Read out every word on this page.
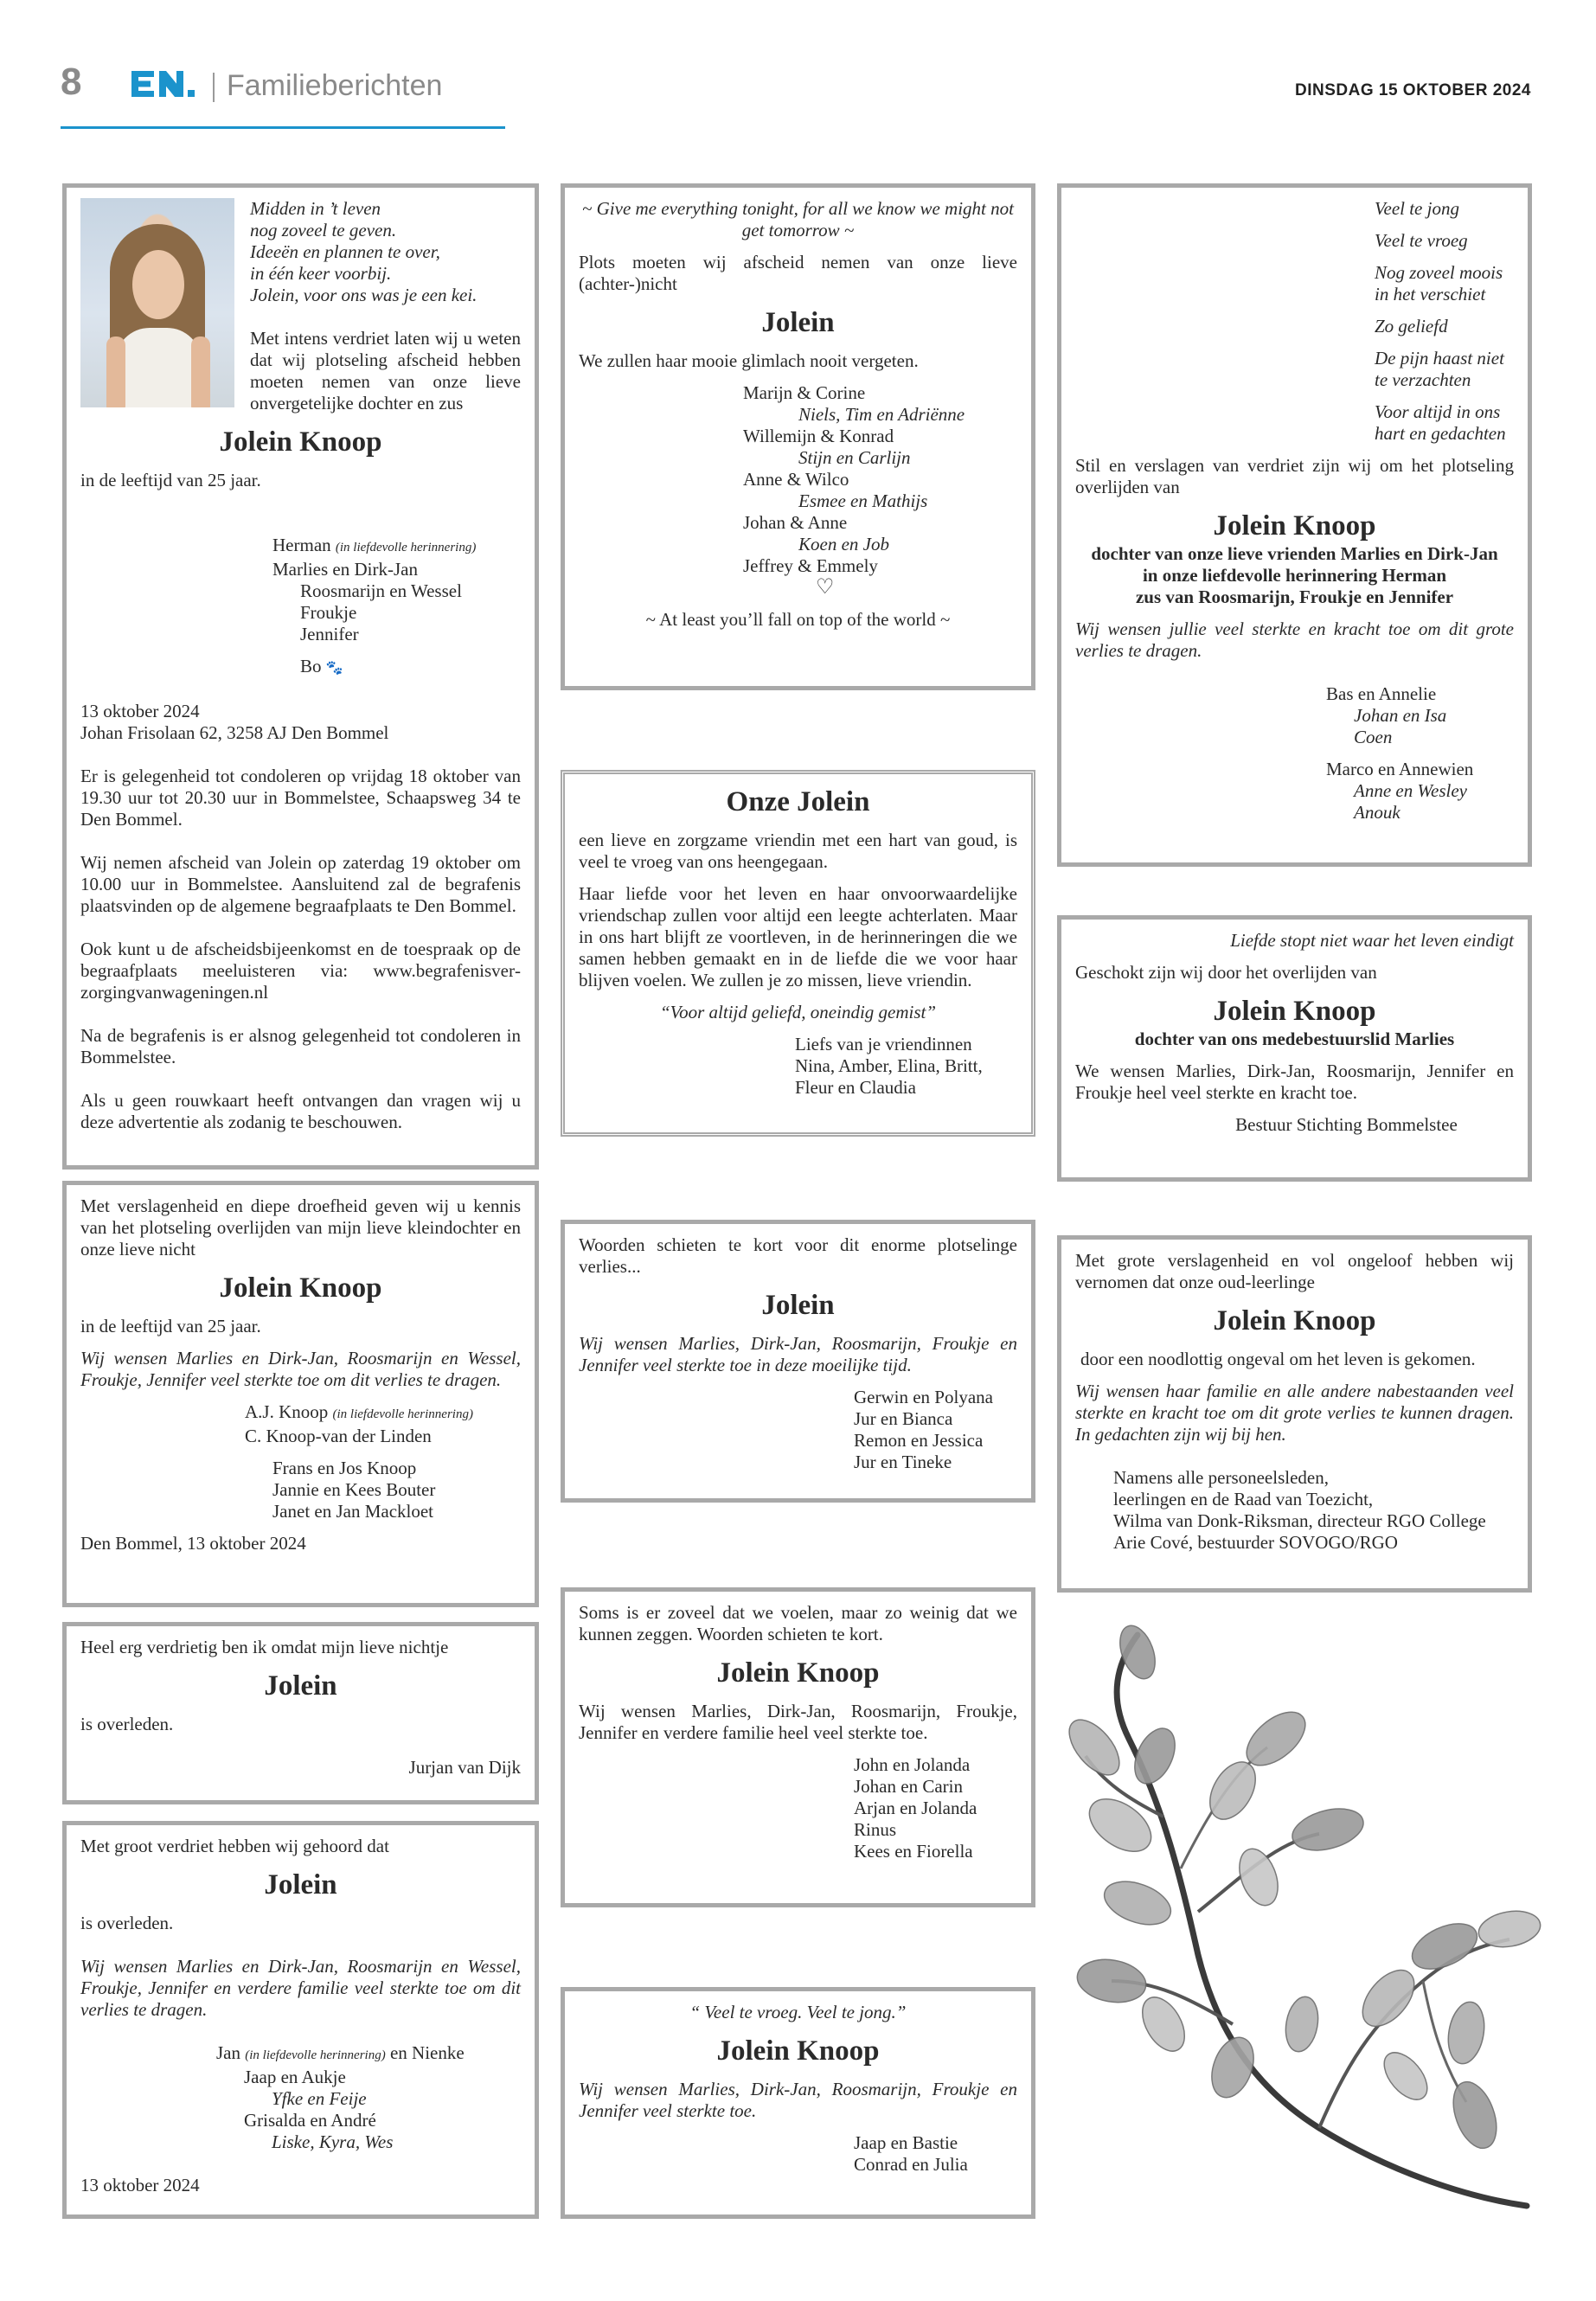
8	Familieberichten	DINSDAG 15 OKTOBER 2024

Midden in ’t leven

nog zoveel te geven.

Ideeën en plannen te over,

in één keer voorbij.

Jolein, voor ons was je een kei.

Met intens verdriet laten wij u weten dat wij plotseling afscheid hebben moeten nemen van onze lieve onvergetelijke dochter en zus

Jolein Knoop

in de leeftijd van 25 jaar.

Herman (in liefdevolle herinnering)

Marlies en Dirk-Jan

Roosmarijn en Wessel

Froukje

Jennifer

Bo 🐾

13 oktober 2024

Johan Frisolaan 62, 3258 AJ Den Bommel

Er is gelegenheid tot condoleren op vrijdag 18 oktober van 19.30 uur tot 20.30 uur in Bommelstee, Schaapsweg 34 te Den Bommel.

Wij nemen afscheid van Jolein op zaterdag 19 oktober om 10.00 uur in Bommelstee. Aansluitend zal de begrafenis plaatsvinden op de algemene begraafplaats te Den Bommel.

Ook kunt u de afscheidsbijeenkomst en de toespraak op de begraafplaats meeluisteren via: www.begrafenisverzorgingvanwageningen.nl

Na de begrafenis is er alsnog gelegenheid tot condoleren in Bommelstee.

Als u geen rouwkaart heeft ontvangen dan vragen wij u deze advertentie als zodanig te beschouwen.

Met verslagenheid en diepe droefheid geven wij u kennis van het plotseling overlijden van mijn lieve kleindochter en onze lieve nicht

Jolein Knoop

in de leeftijd van 25 jaar.

Wij wensen Marlies en Dirk-Jan, Roosmarijn en Wessel, Froukje, Jennifer veel sterkte toe om dit verlies te dragen.

A.J. Knoop (in liefdevolle herinnering)

C. Knoop-van der Linden

Frans en Jos Knoop

Jannie en Kees Bouter

Janet en Jan Mackloet

Den Bommel, 13 oktober 2024

Heel erg verdrietig ben ik omdat mijn lieve nichtje

Jolein

is overleden.

Jurjan van Dijk

Met groot verdriet hebben wij gehoord dat

Jolein

is overleden.

Wij wensen Marlies en Dirk-Jan, Roosmarijn en Wessel, Froukje, Jennifer en verdere familie veel sterkte toe om dit verlies te dragen.

Jan (in liefdevolle herinnering) en Nienke

Jaap en Aukje

Yfke en Feije

Grisalda en André

Liske, Kyra, Wes

13 oktober 2024

~ Give me everything tonight, for all we know we might not get tomorrow ~

Plots moeten wij afscheid nemen van onze lieve (achter-)nicht

Jolein

We zullen haar mooie glimlach nooit vergeten.

Marijn & Corine

Niels, Tim en Adriënne

Willemijn & Konrad

Stijn en Carlijn

Anne & Wilco

Esmee en Mathijs

Johan & Anne

Koen en Job

Jeffrey & Emmely

♡

~ At least you’ll fall on top of the world ~

Onze Jolein

een lieve en zorgzame vriendin met een hart van goud, is veel te vroeg van ons heengegaan.

Haar liefde voor het leven en haar onvoorwaardelijke vriendschap zullen voor altijd een leegte achterlaten. Maar in ons hart blijft ze voortleven, in de herinneringen die we samen hebben gemaakt en in de liefde die we voor haar blijven voelen. We zullen je zo missen, lieve vriendin.

“Voor altijd geliefd, oneindig gemist”

Liefs van je vriendinnen

Nina, Amber, Elina, Britt,

Fleur en Claudia

Woorden schieten te kort voor dit enorme plotselinge verlies...

Jolein

Wij wensen Marlies, Dirk-Jan, Roosmarijn, Froukje en Jennifer veel sterkte toe in deze moeilijke tijd.

Gerwin en Polyana

Jur en Bianca

Remon en Jessica

Jur en Tineke

Soms is er zoveel dat we voelen, maar zo weinig dat we kunnen zeggen. Woorden schieten te kort.

Jolein Knoop

Wij wensen Marlies, Dirk-Jan, Roosmarijn, Froukje, Jennifer en verdere familie heel veel sterkte toe.

John en Jolanda

Johan en Carin

Arjan en Jolanda

Rinus

Kees en Fiorella

“ Veel te vroeg. Veel te jong.”

Jolein Knoop

Wij wensen Marlies, Dirk-Jan, Roosmarijn, Froukje en Jennifer veel sterkte toe.

Jaap en Bastie

Conrad en Julia

Veel te jong

Veel te vroeg

Nog zoveel moois

in het verschiet

Zo geliefd

De pijn haast niet

te verzachten

Voor altijd in ons

hart en gedachten

Stil en verslagen van verdriet zijn wij om het plotseling overlijden van

Jolein Knoop

dochter van onze lieve vrienden Marlies en Dirk-Jan

in onze liefdevolle herinnering Herman

zus van Roosmarijn, Froukje en Jennifer

Wij wensen jullie veel sterkte en kracht toe om dit grote verlies te dragen.

Bas en Annelie

Johan en Isa

Coen

Marco en Annewien

Anne en Wesley

Anouk

Liefde stopt niet waar het leven eindigt

Geschokt zijn wij door het overlijden van

Jolein Knoop

dochter van ons medebestuurslid Marlies

We wensen Marlies, Dirk-Jan, Roosmarijn, Jennifer en Froukje heel veel sterkte en kracht toe.

Bestuur Stichting Bommelstee

Met grote verslagenheid en vol ongeloof hebben wij vernomen dat onze oud-leerlinge

Jolein Knoop

door een noodlottig ongeval om het leven is gekomen.

Wij wensen haar familie en alle andere nabestaanden veel sterkte en kracht toe om dit grote verlies te kunnen dragen. In gedachten zijn wij bij hen.

Namens alle personeelsleden,

leerlingen en de Raad van Toezicht,

Wilma van Donk-Riksman, directeur RGO College

Arie Cové, bestuurder SOVOGO/RGO
